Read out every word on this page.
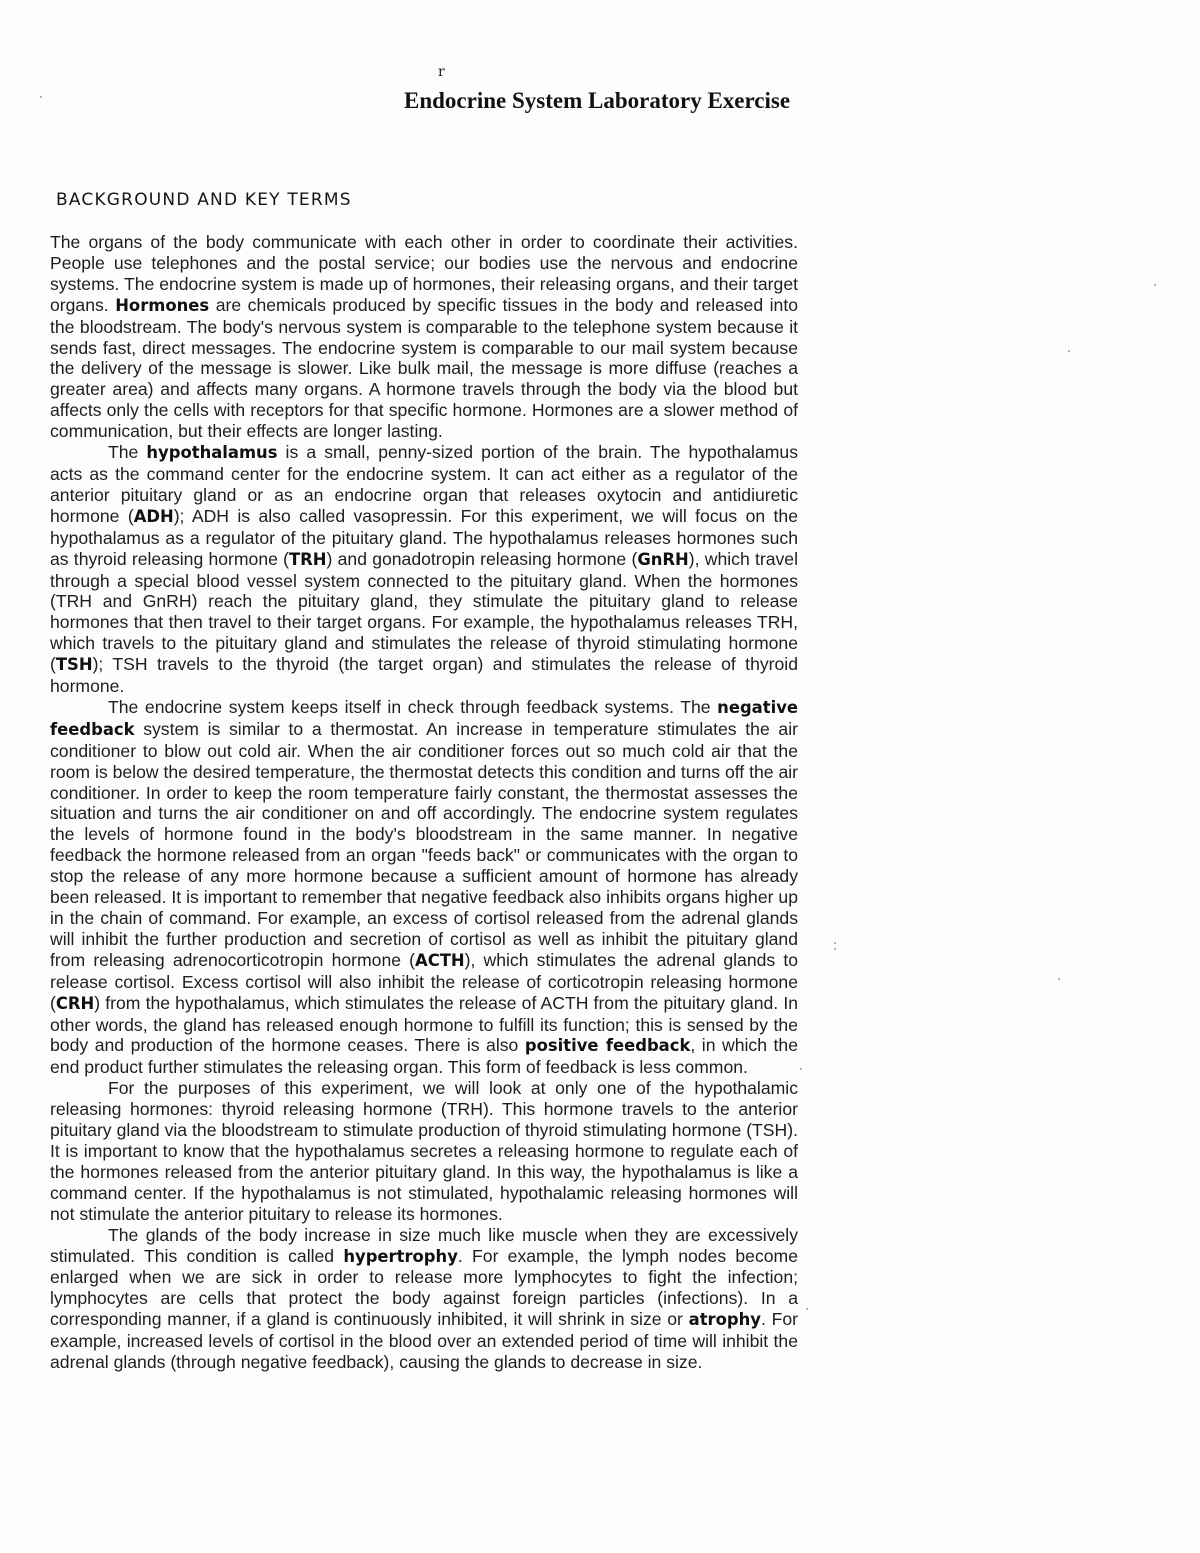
r
Endocrine System Laboratory Exercise
BACKGROUND AND KEY TERMS

The organs of the body communicate with each other in order to coordinate their activities. People use telephones and the postal service; our bodies use the nervous and endocrine systems. The endocrine system is made up of hormones, their releasing organs, and their target organs. Hormones are chemicals produced by specific tissues in the body and released into the bloodstream. The body's nervous system is comparable to the telephone system because it sends fast, direct messages. The endocrine system is comparable to our mail system because the delivery of the message is slower. Like bulk mail, the message is more diffuse (reaches a greater area) and affects many organs. A hormone travels through the body via the blood but affects only the cells with receptors for that specific hormone. Hormones are a slower method of communication, but their effects are longer lasting.

The hypothalamus is a small, penny-sized portion of the brain. The hypothalamus acts as the command center for the endocrine system. It can act either as a regulator of the anterior pituitary gland or as an endocrine organ that releases oxytocin and antidiuretic hormone (ADH); ADH is also called vasopressin. For this experiment, we will focus on the hypothalamus as a regulator of the pituitary gland. The hypothalamus releases hormones such as thyroid releasing hormone (TRH) and gonadotropin releasing hormone (GnRH), which travel through a special blood vessel system connected to the pituitary gland. When the hormones (TRH and GnRH) reach the pituitary gland, they stimulate the pituitary gland to release hormones that then travel to their target organs. For example, the hypothalamus releases TRH, which travels to the pituitary gland and stimulates the release of thyroid stimulating hormone (TSH); TSH travels to the thyroid (the target organ) and stimulates the release of thyroid hormone.

The endocrine system keeps itself in check through feedback systems. The negative feedback system is similar to a thermostat. An increase in temperature stimulates the air conditioner to blow out cold air. When the air conditioner forces out so much cold air that the room is below the desired temperature, the thermostat detects this condition and turns off the air conditioner. In order to keep the room temperature fairly constant, the thermostat assesses the situation and turns the air conditioner on and off accordingly. The endocrine system regulates the levels of hormone found in the body's bloodstream in the same manner. In negative feedback the hormone released from an organ "feeds back" or communicates with the organ to stop the release of any more hormone because a sufficient amount of hormone has already been released. It is important to remember that negative feedback also inhibits organs higher up in the chain of command. For example, an excess of cortisol released from the adrenal glands will inhibit the further production and secretion of cortisol as well as inhibit the pituitary gland from releasing adrenocorticotropin hormone (ACTH), which stimulates the adrenal glands to release cortisol. Excess cortisol will also inhibit the release of corticotropin releasing hormone (CRH) from the hypothalamus, which stimulates the release of ACTH from the pituitary gland. In other words, the gland has released enough hormone to fulfill its function; this is sensed by the body and production of the hormone ceases. There is also positive feedback, in which the end product further stimulates the releasing organ. This form of feedback is less common.

For the purposes of this experiment, we will look at only one of the hypothalamic releasing hormones: thyroid releasing hormone (TRH). This hormone travels to the anterior pituitary gland via the bloodstream to stimulate production of thyroid stimulating hormone (TSH). It is important to know that the hypothalamus secretes a releasing hormone to regulate each of the hormones released from the anterior pituitary gland. In this way, the hypothalamus is like a command center. If the hypothalamus is not stimulated, hypothalamic releasing hormones will not stimulate the anterior pituitary to release its hormones.

The glands of the body increase in size much like muscle when they are excessively stimulated. This condition is called hypertrophy. For example, the lymph nodes become enlarged when we are sick in order to release more lymphocytes to fight the infection; lymphocytes are cells that protect the body against foreign particles (infections). In a corresponding manner, if a gland is continuously inhibited, it will shrink in size or atrophy. For example, increased levels of cortisol in the blood over an extended period of time will inhibit the adrenal glands (through negative feedback), causing the glands to decrease in size.
